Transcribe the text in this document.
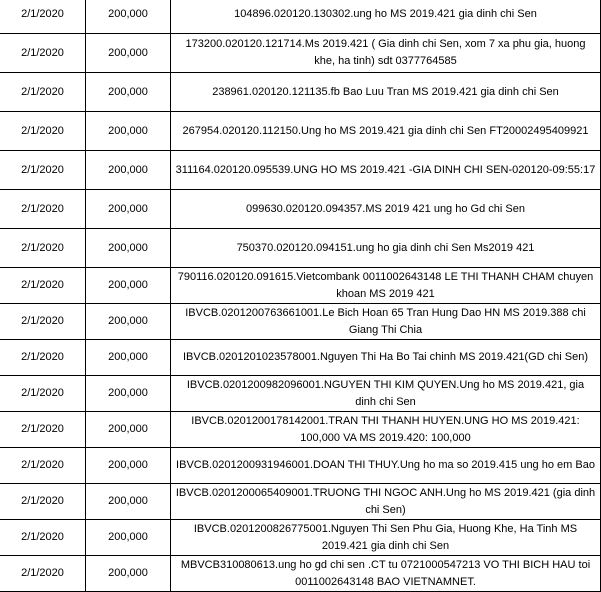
2/1/2020	200,000	104896.020120.130302.ung ho MS 2019.421 gia dinh chi Sen
2/1/2020	200,000	173200.020120.121714.Ms 2019.421 ( Gia dinh chi Sen, xom 7 xa phu gia, huong khe, ha tinh) sdt 0377764585
2/1/2020	200,000	238961.020120.121135.fb Bao Luu Tran MS 2019.421 gia dinh chi Sen
2/1/2020	200,000	267954.020120.112150.Ung ho MS 2019.421 gia dinh chi Sen FT20002495409921
2/1/2020	200,000	311164.020120.095539.UNG HO MS 2019.421 -GIA DINH CHI SEN-020120-09:55:17
2/1/2020	200,000	099630.020120.094357.MS 2019 421 ung ho Gd chi Sen
2/1/2020	200,000	750370.020120.094151.ung ho gia dinh chi Sen Ms2019 421
2/1/2020	200,000	790116.020120.091615.Vietcombank 0011002643148 LE THI THANH CHAM chuyen khoan MS 2019 421
2/1/2020	200,000	IBVCB.0201200763661001.Le Bich Hoan 65 Tran Hung Dao HN MS 2019.388 chi Giang Thi Chia
2/1/2020	200,000	IBVCB.0201201023578001.Nguyen Thi Ha Bo Tai chinh MS 2019.421(GD chi Sen)
2/1/2020	200,000	IBVCB.0201200982096001.NGUYEN THI KIM QUYEN.Ung ho MS 2019.421, gia dinh chi Sen
2/1/2020	200,000	IBVCB.0201200178142001.TRAN THI THANH HUYEN.UNG HO MS 2019.421: 100,000 VA MS 2019.420: 100,000
2/1/2020	200,000	IBVCB.0201200931946001.DOAN THI THUY.Ung ho ma so 2019.415 ung ho em Bao
2/1/2020	200,000	IBVCB.0201200065409001.TRUONG THI NGOC ANH.Ung ho MS 2019.421 (gia dinh chi Sen)
2/1/2020	200,000	IBVCB.0201200826775001.Nguyen Thi Sen Phu Gia, Huong Khe, Ha Tinh MS 2019.421 gia dinh chi Sen
2/1/2020	200,000	MBVCB310080613.ung ho gd chi sen .CT tu 0721000547213 VO THI BICH HAU toi 0011002643148 BAO VIETNAMNET.
